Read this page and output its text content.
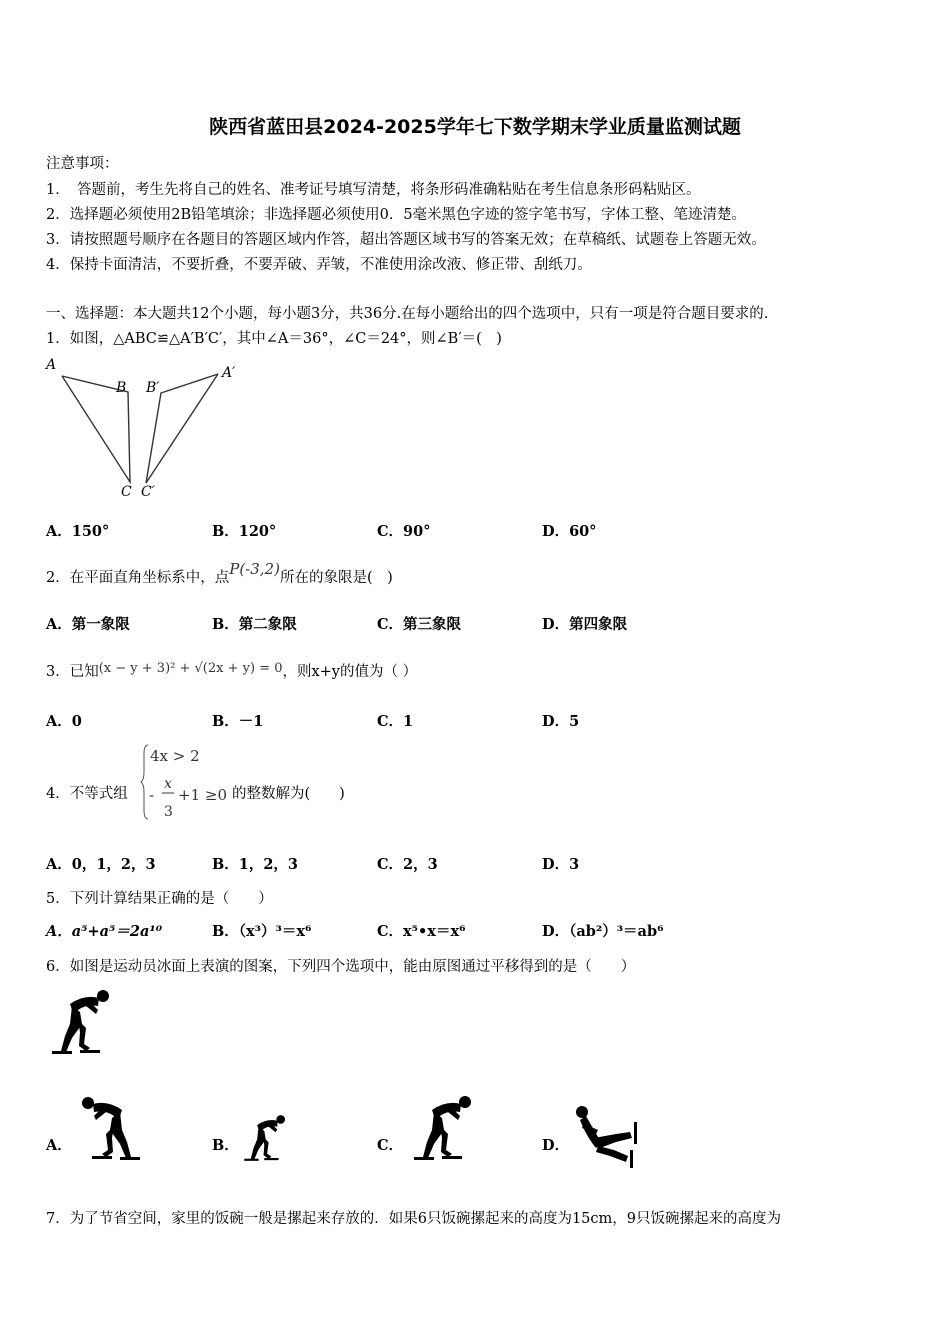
陕西省蓝田县2024-2025学年七下数学期末学业质量监测试题
注意事项：
1．　答题前，考生先将自己的姓名、准考证号填写清楚，将条形码准确粘贴在考生信息条形码粘贴区。
2．选择题必须使用2B铅笔填涂；非选择题必须使用0．5毫米黑色字迹的签字笔书写，字体工整、笔迹清楚。
3．请按照题号顺序在各题目的答题区域内作答，超出答题区域书写的答案无效；在草稿纸、试题卷上答题无效。
4．保持卡面清洁，不要折叠，不要弄破、弄皱，不准使用涂改液、修正带、刮纸刀。
一、选择题：本大题共12个小题，每小题3分，共36分.在每小题给出的四个选项中，只有一项是符合题目要求的.
1．如图，△ABC≌△A′B′C′，其中∠A＝36°，∠C＝24°，则∠B′＝(　)
A
B
C
B′
A′
C′
A．150°	B．120°	C．90°	D．60°
2．在平面直角坐标系中，点P(-3,2)所在的象限是(　)
A．第一象限	B．第二象限	C．第三象限	D．第四象限
3．已知(x − y + 3)² + √(2x + y) = 0，则x+y的值为（ ）
A．0	B．－1	C．1	D．5
4．不等式组
4x > 2
-
x
3
+1 ≥0 的整数解为(　　)
A．0，1，2，3	B．1，2，3	C．2，3	D．3
5．下列计算结果正确的是（　　）
A．a⁵+a⁵＝2a¹⁰	B．（x³）³＝x⁶	C．x⁵•x＝x⁶	D．（ab²）³＝ab⁶
6．如图是运动员冰面上表演的图案，下列四个选项中，能由原图通过平移得到的是（　　）
A．	B．	C．	D．
7．为了节省空间，家里的饭碗一般是摞起来存放的．如果6只饭碗摞起来的高度为15cm，9只饭碗摞起来的高度为
